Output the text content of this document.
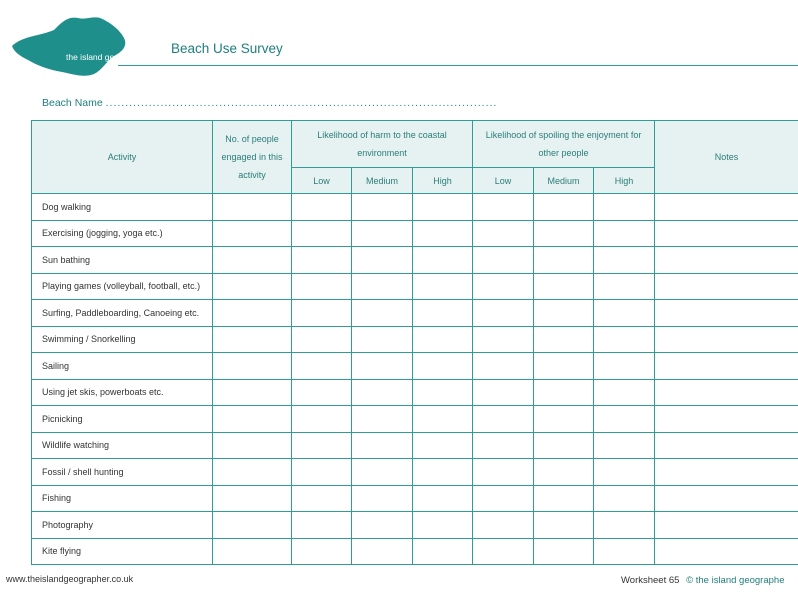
the island geographer
Beach Use Survey
Beach Name ....................................................................................................
Activity	No. of people engaged in this activity	Likelihood of harm to the coastal environment			Likelihood of spoiling the enjoyment for other people			Notes
		Low	Medium	High	Low	Medium	High	
Dog walking								
Exercising (jogging, yoga etc.)								
Sun bathing								
Playing games (volleyball, football, etc.)								
Surfing, Paddleboarding, Canoeing etc.								
Swimming / Snorkelling								
Sailing								
Using jet skis, powerboats etc.								
Picnicking								
Wildlife watching								
Fossil / shell hunting								
Fishing								
Photography								
Kite flying								
www.theislandgeographer.co.uk	Worksheet 65 © the island geographe
